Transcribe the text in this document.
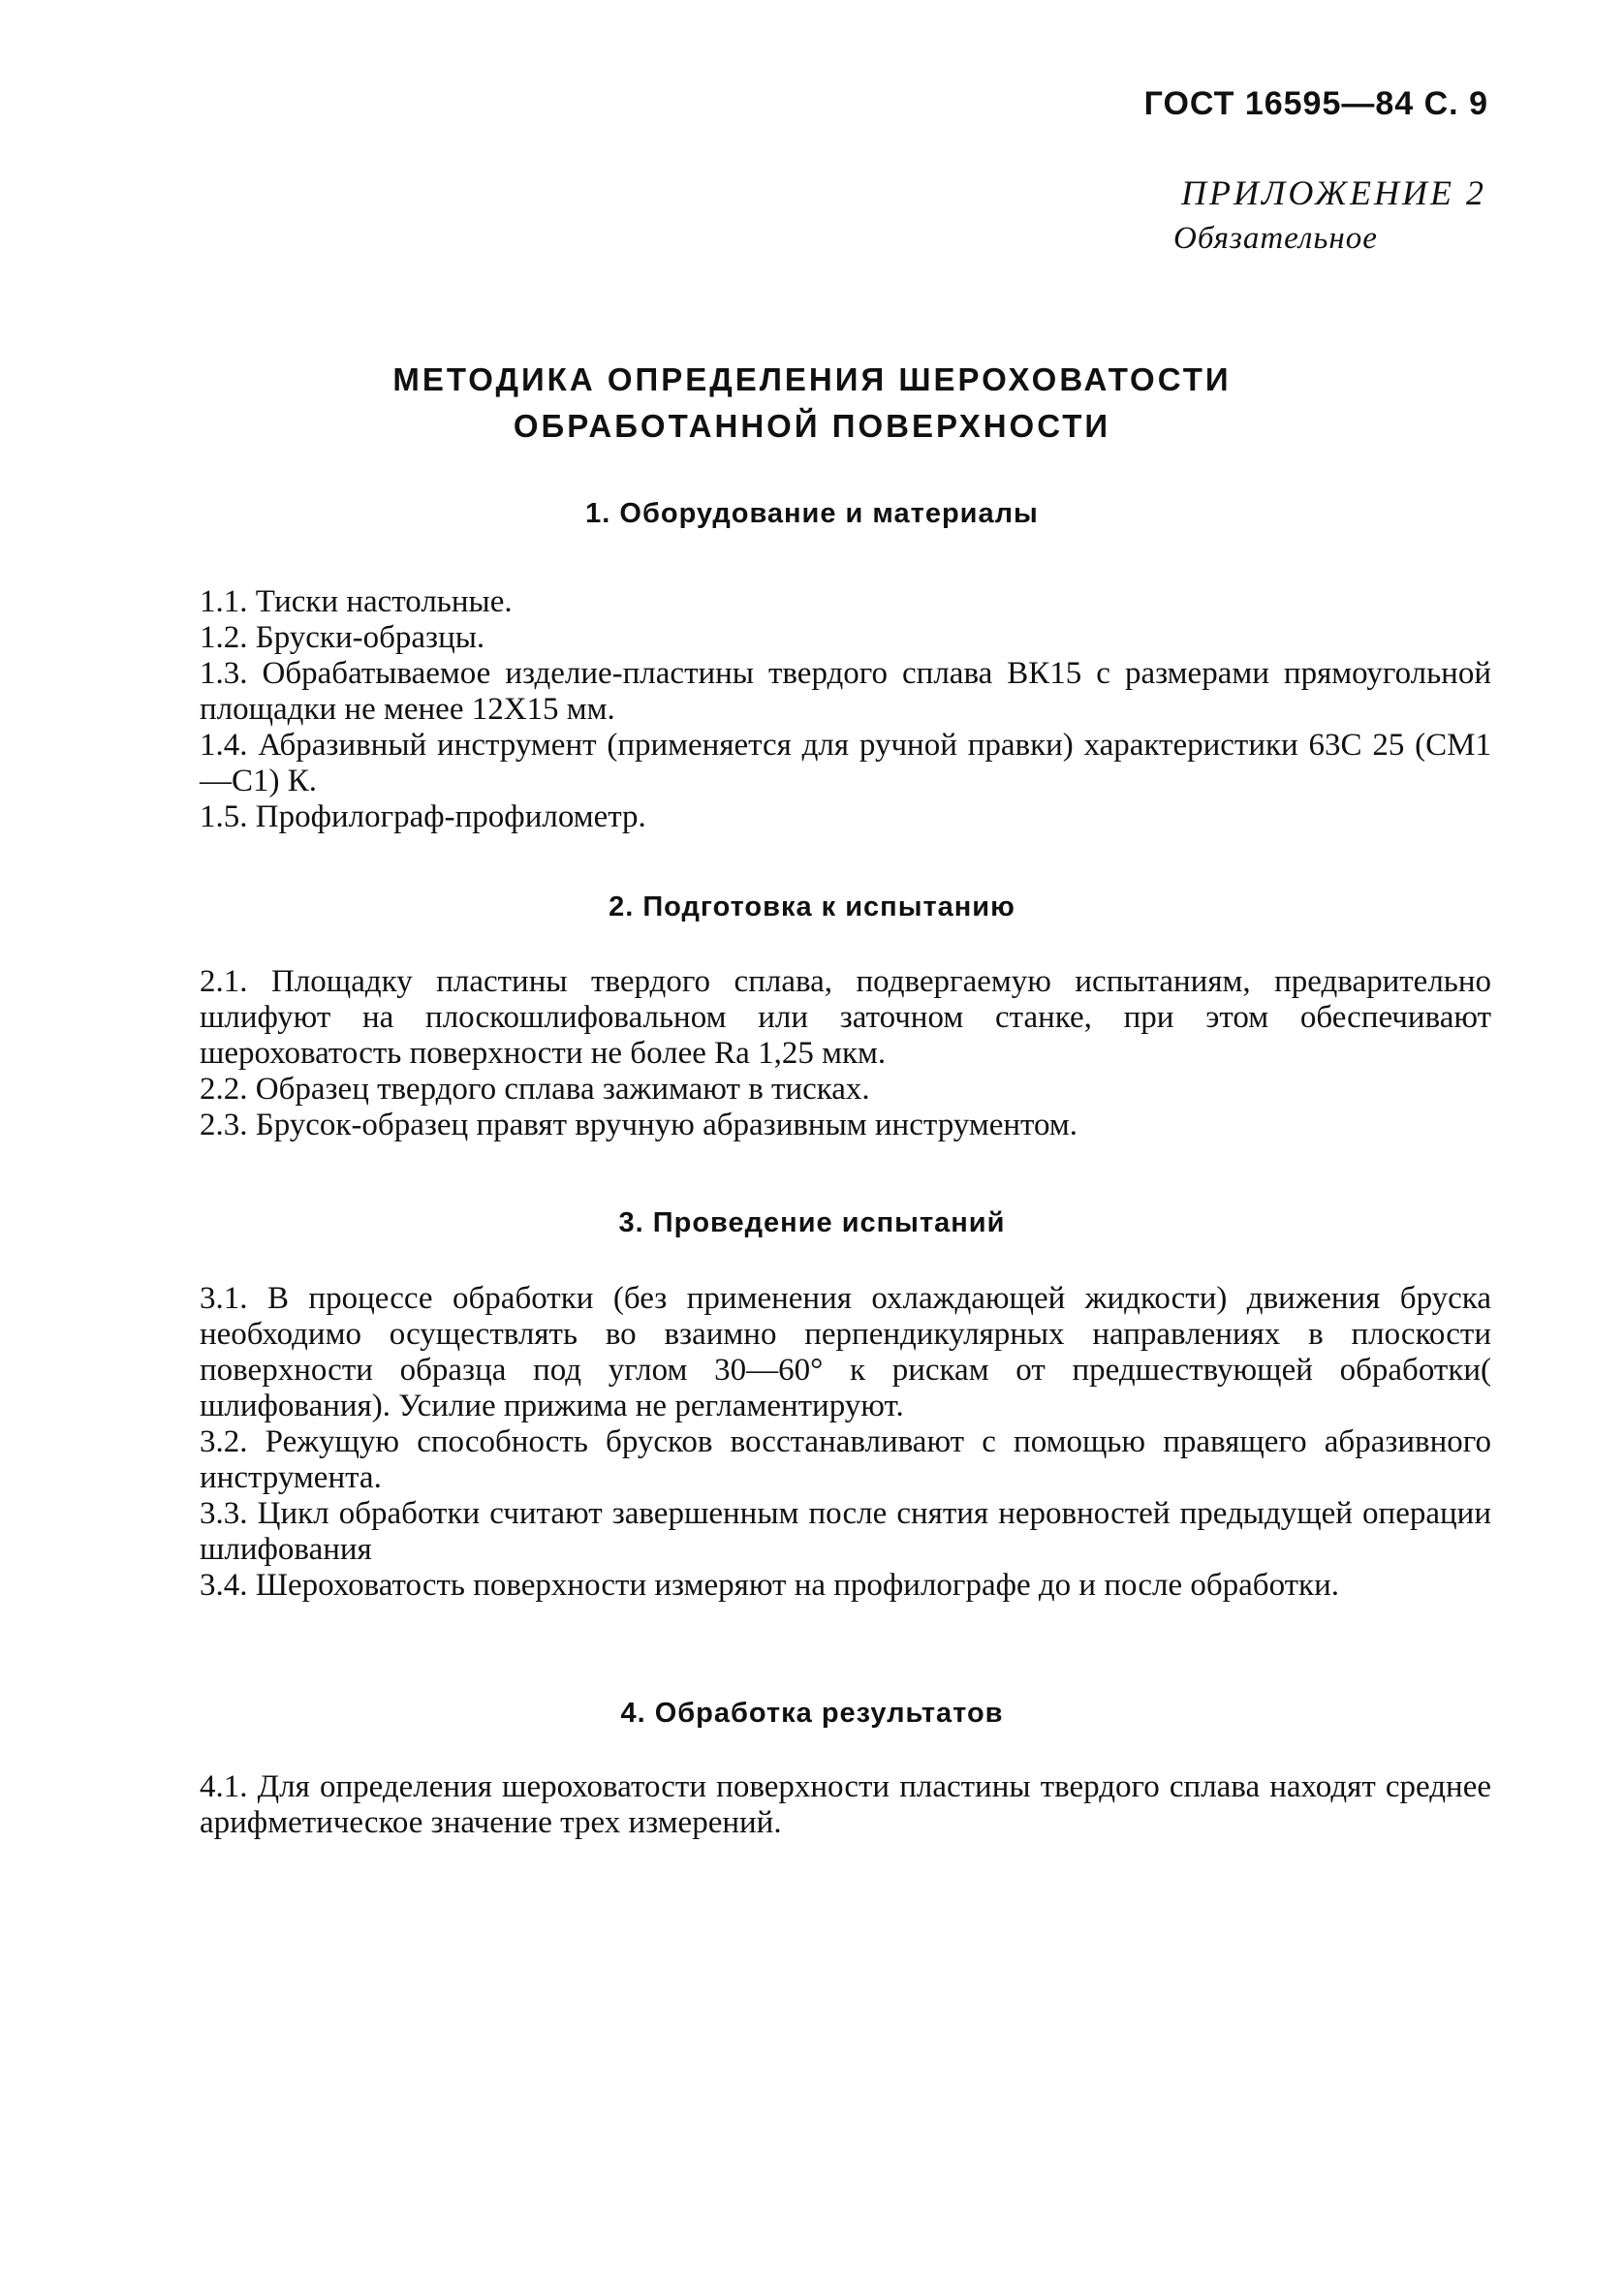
ГОСТ 16595—84 С. 9
ПРИЛОЖЕНИЕ 2
Обязательное
МЕТОДИКА ОПРЕДЕЛЕНИЯ ШЕРОХОВАТОСТИ
ОБРАБОТАННОЙ ПОВЕРХНОСТИ
1. Оборудование и материалы

1.1. Тиски настольные.

1.2. Бруски-образцы.

1.3. Обрабатываемое изделие-пластины твердого сплава ВК15 с размерами прямоугольной площадки не менее 12Х15 мм.

1.4. Абразивный инструмент (применяется для ручной правки) характеристики 63С 25 (СМ1—С1) К.

1.5. Профилограф-профилометр.

2. Подготовка к испытанию

2.1. Площадку пластины твердого сплава, подвергаемую испытаниям, предварительно шлифуют на плоскошлифовальном или заточном станке, при этом обеспечивают шероховатость поверхности не более Ra 1,25 мкм.

2.2. Образец твердого сплава зажимают в тисках.

2.3. Брусок-образец правят вручную абразивным инструментом.

3. Проведение испытаний

3.1. В процессе обработки (без применения охлаждающей жидкости) движения бруска необходимо осуществлять во взаимно перпендикулярных направлениях в плоскости поверхности образца под углом 30—60° к рискам от предшествующей обработки( шлифования). Усилие прижима не регламентируют.

3.2. Режущую способность брусков восстанавливают с помощью правящего абразивного инструмента.

3.3. Цикл обработки считают завершенным после снятия неровностей предыдущей операции шлифования

3.4. Шероховатость поверхности измеряют на профилографе до и после обработки.

4. Обработка результатов

4.1. Для определения шероховатости поверхности пластины твердого сплава находят среднее арифметическое значение трех измерений.
